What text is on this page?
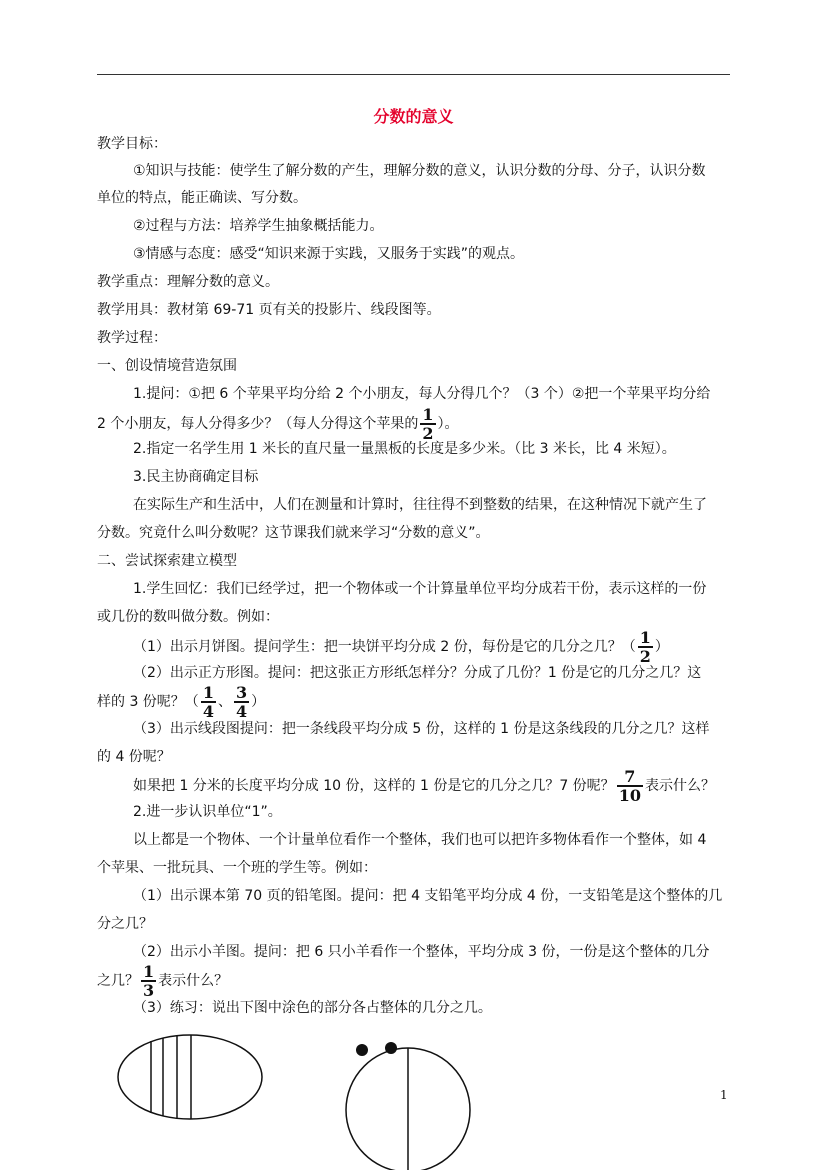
分数的意义
教学目标：
①知识与技能：使学生了解分数的产生，理解分数的意义，认识分数的分母、分子，认识分数
单位的特点，能正确读、写分数。
②过程与方法：培养学生抽象概括能力。
③情感与态度：感受“知识来源于实践，又服务于实践”的观点。
教学重点：理解分数的意义。
教学用具：教材第 69-71 页有关的投影片、线段图等。
教学过程：
一、创设情境营造氛围
1.提问：①把 6 个苹果平均分给 2 个小朋友，每人分得几个？（3 个）②把一个苹果平均分给
2 个小朋友，每人分得多少？（每人分得这个苹果的 $\frac{1}{2}$ ）。
2.指定一名学生用 1 米长的直尺量一量黑板的长度是多少米。（比 3 米长，比 4 米短）。
3.民主协商确定目标
在实际生产和生活中，人们在测量和计算时，往往得不到整数的结果，在这种情况下就产生了
分数。究竟什么叫分数呢？这节课我们就来学习“分数的意义”。
二、尝试探索建立模型
1.学生回忆：我们已经学过，把一个物体或一个计算量单位平均分成若干份，表示这样的一份
或几份的数叫做分数。例如：
（1）出示月饼图。提问学生：把一块饼平均分成 2 份，每份是它的几分之几？（ $\frac{1}{2}$ ）
（2）出示正方形图。提问：把这张正方形纸怎样分？分成了几份？1 份是它的几分之几？这
样的 3 份呢？（ $\frac{1}{4}$ 、 $\frac{3}{4}$ ）
（3）出示线段图提问：把一条线段平均分成 5 份，这样的 1 份是这条线段的几分之几？这样
的 4 份呢？
如果把 1 分米的长度平均分成 10 份，这样的 1 份是它的几分之几？7 份呢？ $\frac{7}{10}$ 表示什么？
2.进一步认识单位“1”。
以上都是一个物体、一个计量单位看作一个整体，我们也可以把许多物体看作一个整体，如 4
个苹果、一批玩具、一个班的学生等。例如：
（1）出示课本第 70 页的铅笔图。提问：把 4 支铅笔平均分成 4 份，一支铅笔是这个整体的几
分之几？
（2）出示小羊图。提问：把 6 只小羊看作一个整体，平均分成 3 份，一份是这个整体的几分
之几？ $\frac{1}{3}$ 表示什么？
（3）练习：说出下图中涂色的部分各占整体的几分之几。
1
